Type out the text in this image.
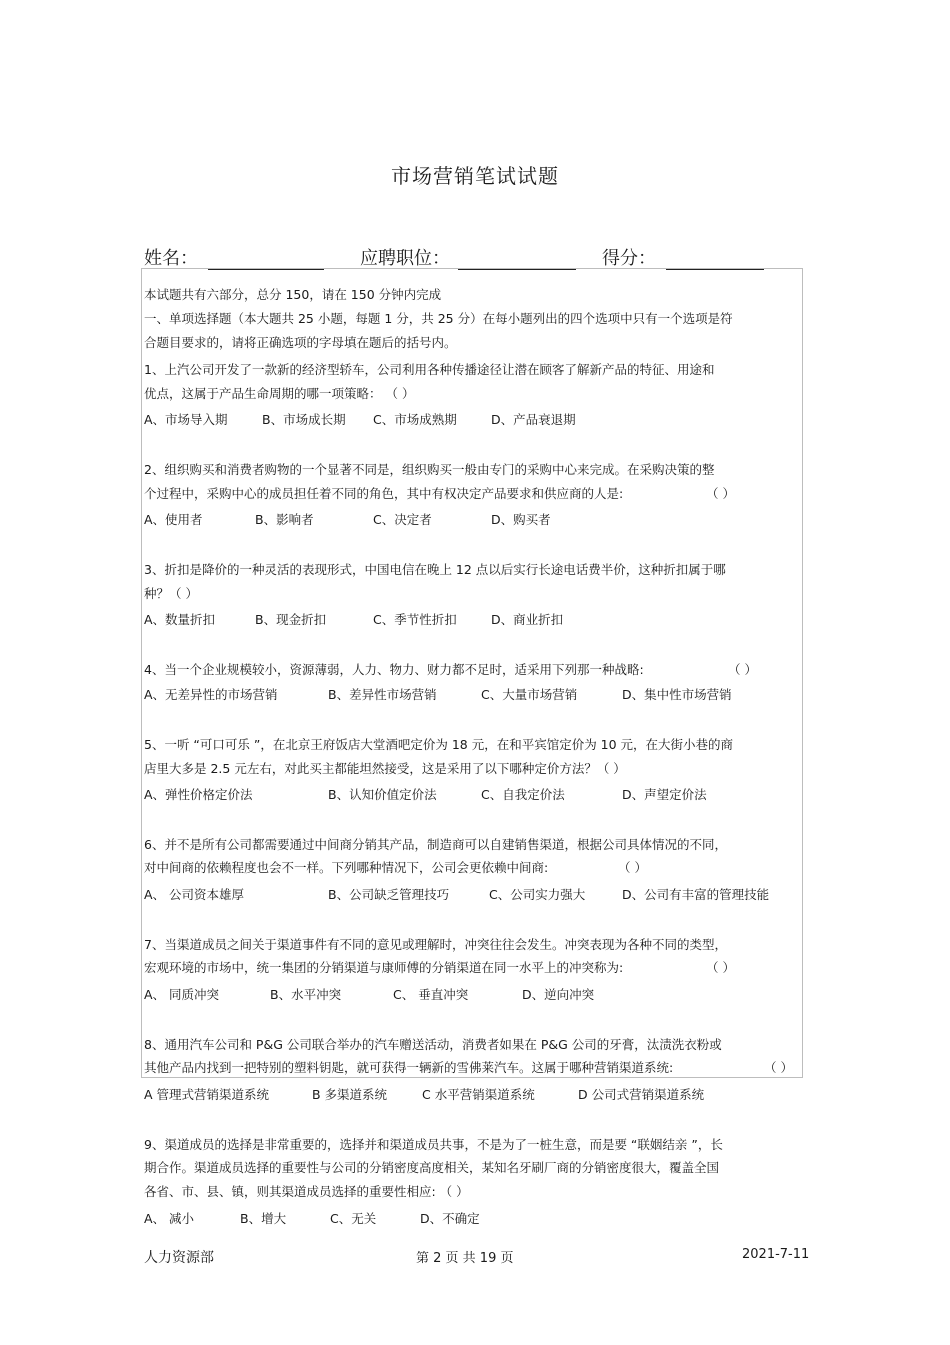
市场营销笔试试题
姓名：	应聘职位：	得分：
本试题共有六部分，总分 150，请在 150 分钟内完成
一、单项选择题（本大题共 25 小题，每题 1 分，共 25 分）在每小题列出的四个选项中只有一个选项是符
合题目要求的，请将正确选项的字母填在题后的括号内。
1、上汽公司开发了一款新的经济型轿车，公司利用各种传播途径让潜在顾客了解新产品的特征、用途和
优点，这属于产品生命周期的哪一项策略： （ ）
A、市场导入期	B、市场成长期 C、市场成熟期	D、产品衰退期
2、组织购买和消费者购物的一个显著不同是，组织购买一般由专门的采购中心来完成。在采购决策的整
个过程中，采购中心的成员担任着不同的角色，其中有权决定产品要求和供应商的人是:	（ ）
A、使用者	B、影响者	C、决定者	D、购买者
3、折扣是降价的一种灵活的表现形式，中国电信在晚上 12 点以后实行长途电话费半价，这种折扣属于哪
种？（ ）
A、数量折扣	B、现金折扣	C、季节性折扣	D、商业折扣
4、当一个企业规模较小，资源薄弱，人力、物力、财力都不足时，适采用下列那一种战略:	（ ）
A、无差异性的市场营销	B、差异性市场营销	C、大量市场营销	D、集中性市场营销
5、一听 “可口可乐 ”，在北京王府饭店大堂酒吧定价为 18 元，在和平宾馆定价为 10 元，在大街小巷的商
店里大多是 2.5 元左右，对此买主都能坦然接受，这是采用了以下哪种定价方法？（ ）
A、弹性价格定价法	B、认知价值定价法	C、自我定价法	D、声望定价法
6、并不是所有公司都需要通过中间商分销其产品，制造商可以自建销售渠道，根据公司具体情况的不同，
对中间商的依赖程度也会不一样。下列哪种情况下，公司会更依赖中间商:	（ ）
A、 公司资本雄厚	B、公司缺乏管理技巧	C、公司实力强大	D、公司有丰富的管理技能
7、当渠道成员之间关于渠道事件有不同的意见或理解时，冲突往往会发生。冲突表现为各种不同的类型，
宏观环境的市场中，统一集团的分销渠道与康师傅的分销渠道在同一水平上的冲突称为:	（ ）
A、 同质冲突	B、水平冲突	C、 垂直冲突	D、逆向冲突
8、通用汽车公司和 P&G 公司联合举办的汽车赠送活动，消费者如果在 P&G 公司的牙膏，汰渍洗衣粉或
其他产品内找到一把特别的塑料钥匙，就可获得一辆新的雪佛莱汽车。这属于哪种营销渠道系统:	（ ）
A 管理式营销渠道系统	B 多渠道系统	C 水平营销渠道系统	D 公司式营销渠道系统
9、渠道成员的选择是非常重要的，选择并和渠道成员共事，不是为了一桩生意，而是要 “联姻结亲 ”，长
期合作。渠道成员选择的重要性与公司的分销密度高度相关，某知名牙刷厂商的分销密度很大，覆盖全国
各省、市、县、镇，则其渠道成员选择的重要性相应: （ ）
A、 减小	B、增大	C、无关	D、不确定
人力资源部	第 2 页 共 19 页	2021-7-11
